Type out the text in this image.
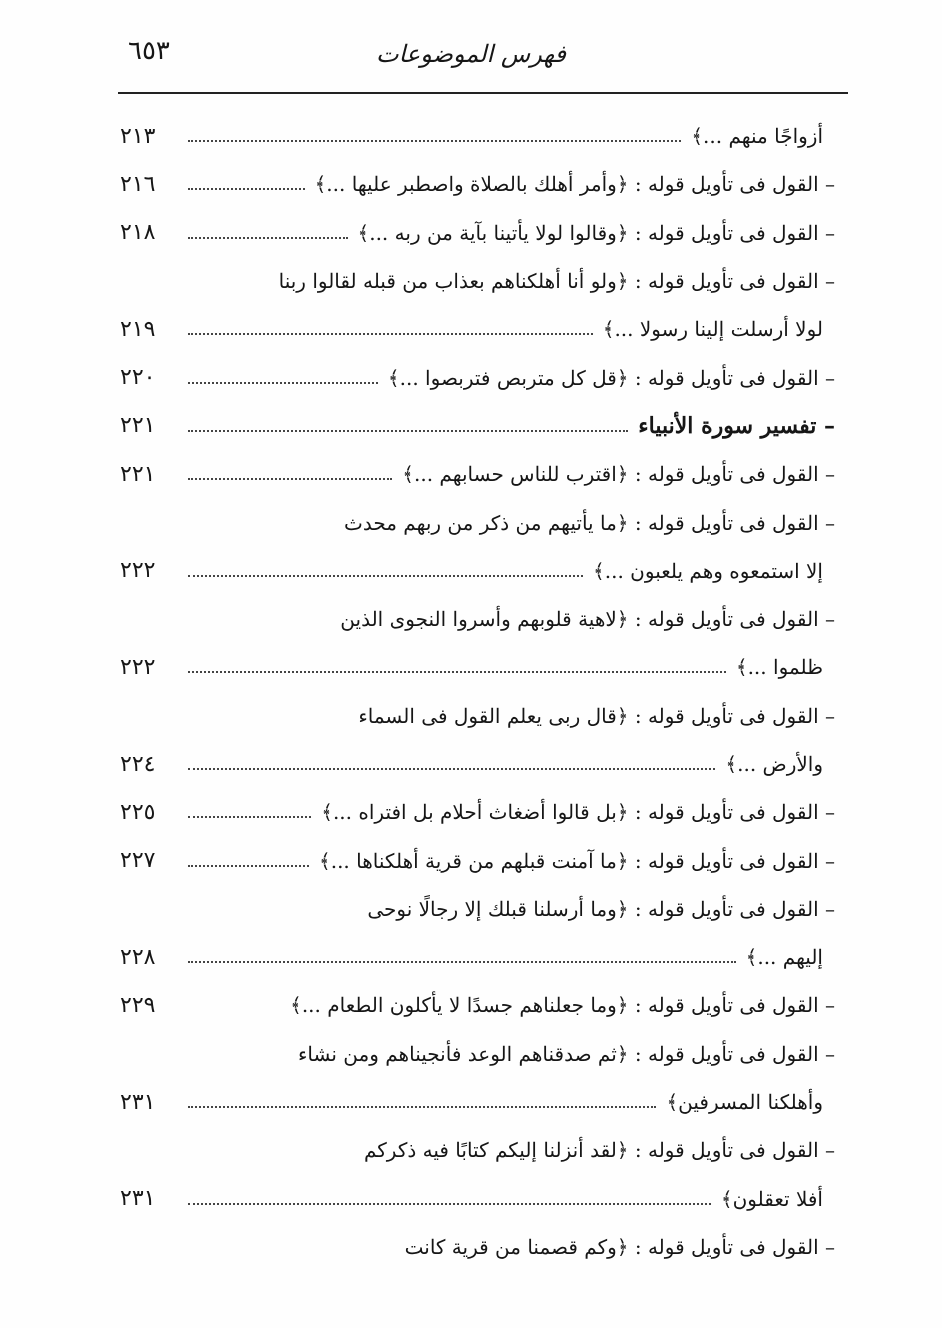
٦٥٣	فهرس الموضوعات
أزواجًا منهم ...﴾
٢١٣
– القول فى تأويل قوله : ﴿وأمر أهلك بالصلاة واصطبر عليها ...﴾
٢١٦
– القول فى تأويل قوله : ﴿وقالوا لولا يأتينا بآية من ربه ...﴾
٢١٨
– القول فى تأويل قوله : ﴿ولو أنا أهلكناهم بعذاب من قبله لقالوا ربنا
لولا أرسلت إلينا رسولا ...﴾
٢١٩
– القول فى تأويل قوله : ﴿قل كل متربص فتربصوا ...﴾
٢٢٠
– تفسير سورة الأنبياء
٢٢١
– القول فى تأويل قوله : ﴿اقترب للناس حسابهم ...﴾
٢٢١
– القول فى تأويل قوله : ﴿ما يأتيهم من ذكر من ربهم محدث
إلا استمعوه وهم يلعبون ...﴾
٢٢٢
– القول فى تأويل قوله : ﴿لاهية قلوبهم وأسروا النجوى الذين
ظلموا ...﴾
٢٢٢
– القول فى تأويل قوله : ﴿قال ربى يعلم القول فى السماء
والأرض ...﴾
٢٢٤
– القول فى تأويل قوله : ﴿بل قالوا أضغاث أحلام بل افتراه ...﴾
٢٢٥
– القول فى تأويل قوله : ﴿ما آمنت قبلهم من قرية أهلكناها ...﴾
٢٢٧
– القول فى تأويل قوله : ﴿وما أرسلنا قبلك إلا رجالًا نوحى
إليهم ...﴾
٢٢٨
– القول فى تأويل قوله : ﴿وما جعلناهم جسدًا لا يأكلون الطعام ...﴾
٢٢٩
– القول فى تأويل قوله : ﴿ثم صدقناهم الوعد فأنجيناهم ومن نشاء
وأهلكنا المسرفين﴾
٢٣١
– القول فى تأويل قوله : ﴿لقد أنزلنا إليكم كتابًا فيه ذكركم
أفلا تعقلون﴾
٢٣١
– القول فى تأويل قوله : ﴿وكم قصمنا من قرية كانت
